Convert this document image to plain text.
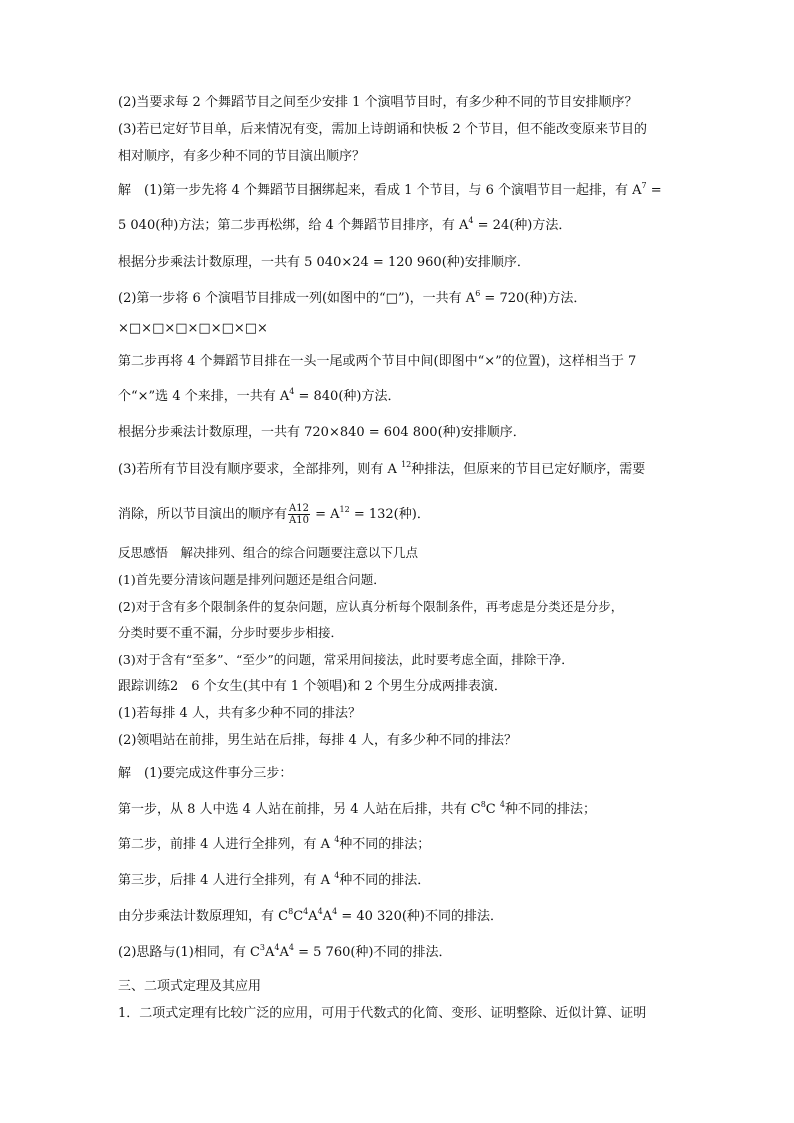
(2)当要求每 2 个舞蹈节目之间至少安排 1 个演唱节目时，有多少种不同的节目安排顺序？
(3)若已定好节目单，后来情况有变，需加上诗朗诵和快板 2 个节目，但不能改变原来节目的
相对顺序，有多少种不同的节目演出顺序？
解　(1)第一步先将 4 个舞蹈节目捆绑起来，看成 1 个节目，与 6 个演唱节目一起排，有 $A^7$ =
5 040(种)方法；第二步再松绑，给 4 个舞蹈节目排序，有 $A^4 = 24$(种)方法．
根据分步乘法计数原理，一共有 5 040×24 = 120 960(种)安排顺序．
(2)第一步将 6 个演唱节目排成一列(如图中的“□”)，一共有 $A^6 = 720$(种)方法．
×□×□×□×□×□×□×
第二步再将 4 个舞蹈节目排在一头一尾或两个节目中间(即图中“×”的位置)，这样相当于 7
个“×”选 4 个来排，一共有 $A^4 = 840$(种)方法．
根据分步乘法计数原理，一共有 720×840 = 604 800(种)安排顺序．
(3)若所有节目没有顺序要求，全部排列，则有 A $^{12}$种排法，但原来的节目已定好顺序，需要
消除，所以节目演出的顺序有 $\frac{A12}{A10} = A^{12} = 132$(种)．
反思感悟　解决排列、组合的综合问题要注意以下几点
(1)首先要分清该问题是排列问题还是组合问题．
(2)对于含有多个限制条件的复杂问题，应认真分析每个限制条件，再考虑是分类还是分步，
分类时要不重不漏，分步时要步步相接．
(3)对于含有“至多”、“至少”的问题，常采用间接法，此时要考虑全面，排除干净．
跟踪训练2　6 个女生(其中有 1 个领唱)和 2 个男生分成两排表演．
(1)若每排 4 人，共有多少种不同的排法？
(2)领唱站在前排，男生站在后排，每排 4 人，有多少种不同的排法？
解　(1)要完成这件事分三步：
第一步，从 8 人中选 4 人站在前排，另 4 人站在后排，共有 $C^8C$ $^4$种不同的排法；
第二步，前排 4 人进行全排列，有 A $^4$种不同的排法；
第三步，后排 4 人进行全排列，有 A $^4$种不同的排法．
由分步乘法计数原理知，有 $C^8C^4A^4A^4 = 40$ 320(种)不同的排法．
(2)思路与(1)相同，有 $C^3A^4A^4 = 5$ 760(种)不同的排法．
三、二项式定理及其应用
1．二项式定理有比较广泛的应用，可用于代数式的化简、变形、证明整除、近似计算、证明
